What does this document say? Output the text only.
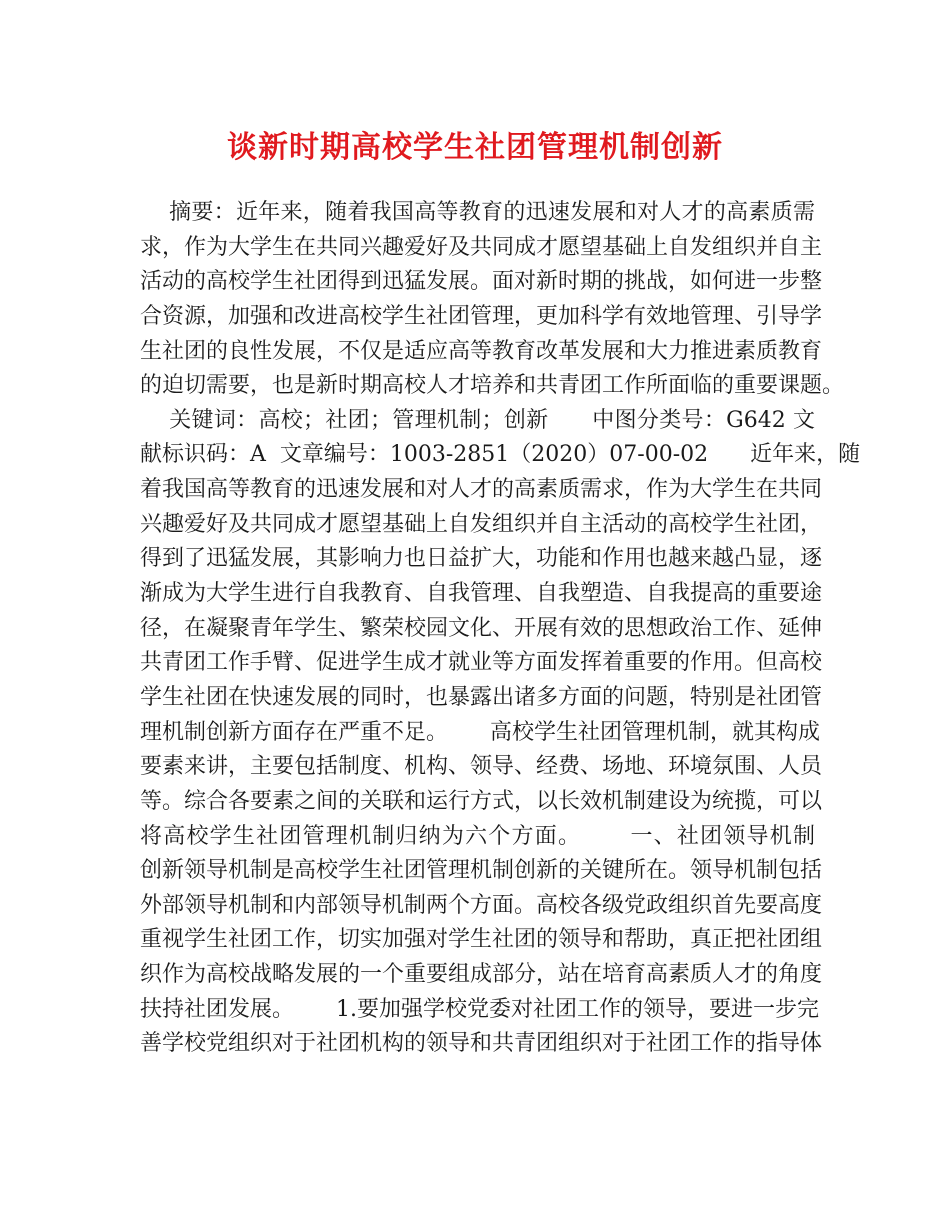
谈新时期高校学生社团管理机制创新
摘要：近年来，随着我国高等教育的迅速发展和对人才的高素质需
求，作为大学生在共同兴趣爱好及共同成才愿望基础上自发组织并自主
活动的高校学生社团得到迅猛发展。面对新时期的挑战，如何进一步整
合资源，加强和改进高校学生社团管理，更加科学有效地管理、引导学
生社团的良性发展，不仅是适应高等教育改革发展和大力推进素质教育
的迫切需要，也是新时期高校人才培养和共青团工作所面临的重要课题。
关键词：高校；社团；管理机制；创新      中图分类号：G642 文
献标识码：A  文章编号：1003-2851（2020）07-00-02      近年来，随
着我国高等教育的迅速发展和对人才的高素质需求，作为大学生在共同
兴趣爱好及共同成才愿望基础上自发组织并自主活动的高校学生社团，
得到了迅猛发展，其影响力也日益扩大，功能和作用也越来越凸显，逐
渐成为大学生进行自我教育、自我管理、自我塑造、自我提高的重要途
径，在凝聚青年学生、繁荣校园文化、开展有效的思想政治工作、延伸
共青团工作手臂、促进学生成才就业等方面发挥着重要的作用。但高校
学生社团在快速发展的同时，也暴露出诸多方面的问题，特别是社团管
理机制创新方面存在严重不足。      高校学生社团管理机制，就其构成
要素来讲，主要包括制度、机构、领导、经费、场地、环境氛围、人员
等。综合各要素之间的关联和运行方式，以长效机制建设为统揽，可以
将高校学生社团管理机制归纳为六个方面。      一、社团领导机制
创新领导机制是高校学生社团管理机制创新的关键所在。领导机制包括
外部领导机制和内部领导机制两个方面。高校各级党政组织首先要高度
重视学生社团工作，切实加强对学生社团的领导和帮助，真正把社团组
织作为高校战略发展的一个重要组成部分，站在培育高素质人才的角度
扶持社团发展。      1.要加强学校党委对社团工作的领导，要进一步完
善学校党组织对于社团机构的领导和共青团组织对于社团工作的指导体
